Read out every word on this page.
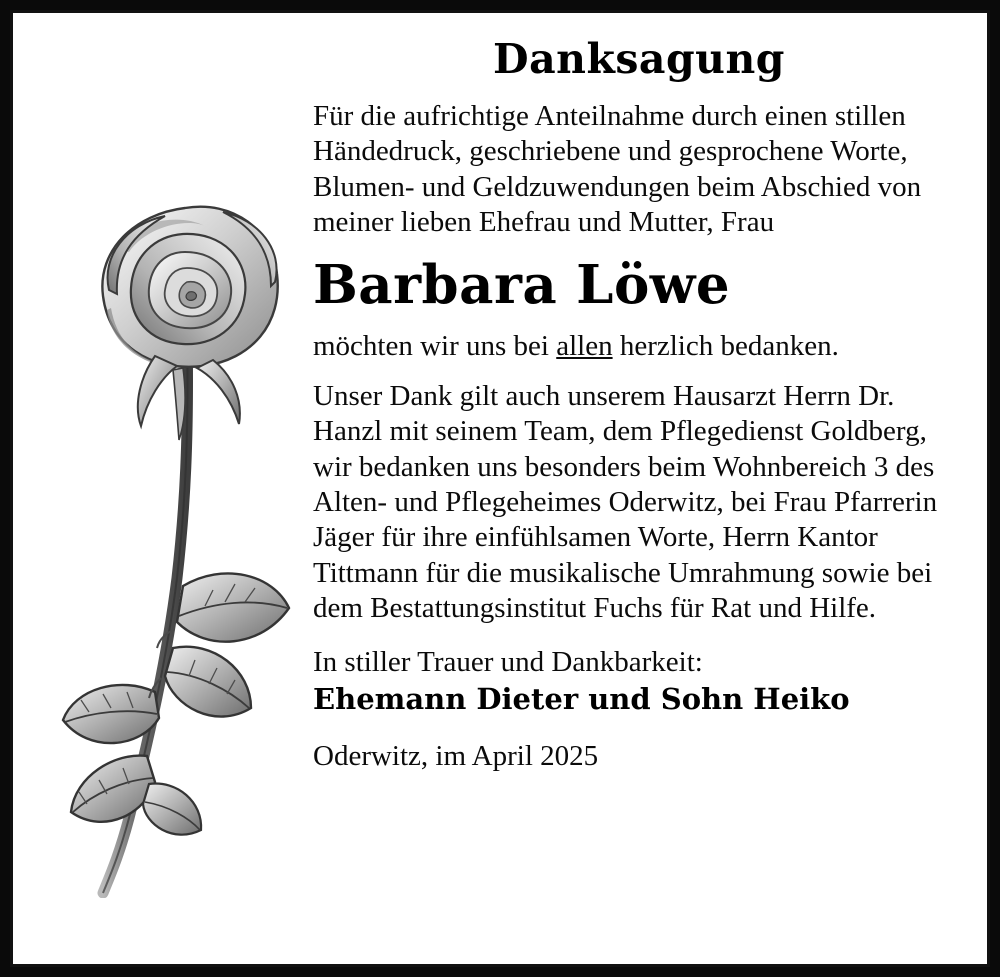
Danksagung

Für die aufrichtige Anteilnahme durch einen stillen Händedruck, geschriebene und gesprochene Worte, Blumen- und Geldzuwendungen beim Abschied von meiner lieben Ehefrau und Mutter, Frau

Barbara Löwe

möchten wir uns bei allen herzlich bedanken.

Unser Dank gilt auch unserem Hausarzt Herrn Dr. Hanzl mit seinem Team, dem Pflegedienst Goldberg, wir bedanken uns besonders beim Wohnbereich 3 des Alten- und Pflegeheimes Oderwitz, bei Frau Pfarrerin Jäger für ihre einfühlsamen Worte, Herrn Kantor Tittmann für die musikalische Umrahmung sowie bei dem Bestattungsinstitut Fuchs für Rat und Hilfe.

In stiller Trauer und Dankbarkeit:
Ehemann Dieter und Sohn Heiko
Oderwitz, im April 2025
